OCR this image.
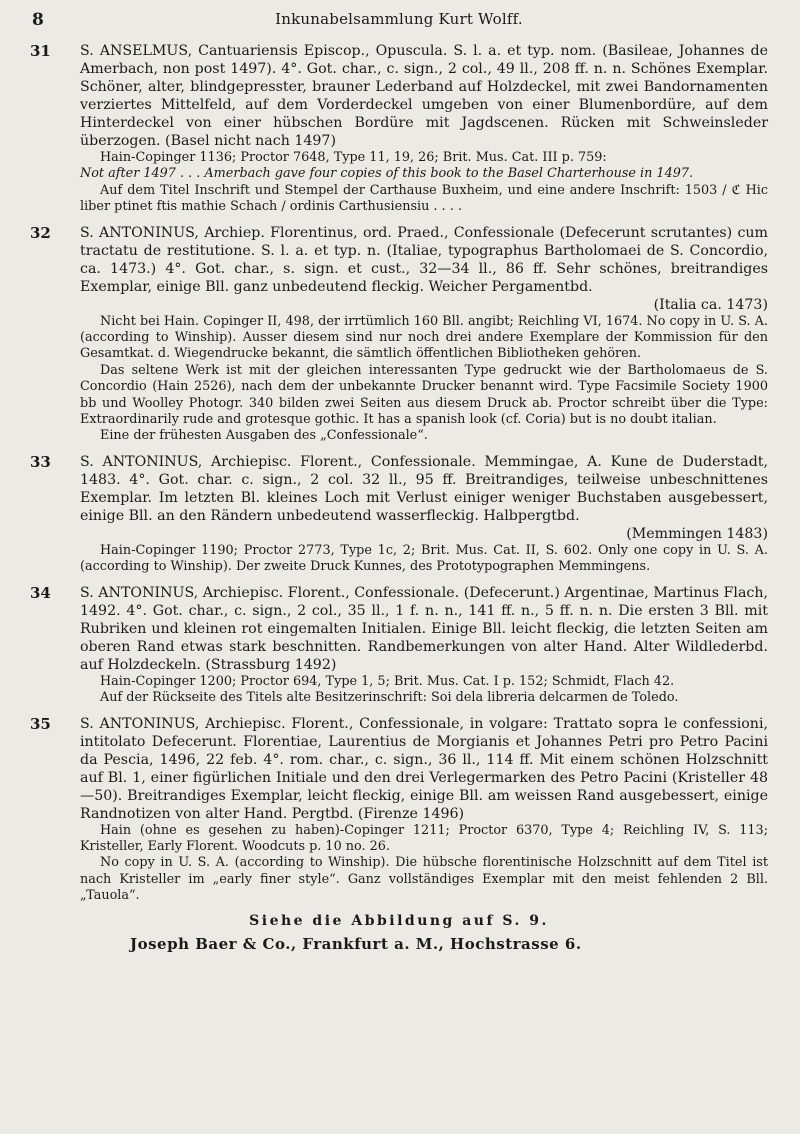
8	Inkunabelsammlung Kurt Wolff.
31 S. ANSELMUS, Cantuariensis Episcop., Opuscula. S. l. a. et typ. nom. (Basileae, Johannes de Amerbach, non post 1497). 4°. Got. char., c. sign., 2 col., 49 ll., 208 ff. n. n. Schönes Exemplar. Schöner, alter, blindgepresster, brauner Lederband auf Holzdeckel, mit zwei Bandornamenten verziertes Mittelfeld, auf dem Vorderdeckel umgeben von einer Blumenbordüre, auf dem Hinterdeckel von einer hübschen Bordüre mit Jagdscenen. Rücken mit Schweinsleder überzogen. (Basel nicht nach 1497)

Hain-Copinger 1136; Proctor 7648, Type 11, 19, 26; Brit. Mus. Cat. III p. 759:

Not after 1497 . . . Amerbach gave four copies of this book to the Basel Charterhouse in 1497.

Auf dem Titel Inschrift und Stempel der Carthause Buxheim, und eine andere Inschrift: 1503 / ℭ Hic liber ptinet ftis mathie Schach / ordinis Carthusiensiu . . . .

32 S. ANTONINUS, Archiep. Florentinus, ord. Praed., Confessionale (Defecerunt scrutantes) cum tractatu de restitutione. S. l. a. et typ. n. (Italiae, typographus Bartholomaei de S. Concordio, ca. 1473.) 4°. Got. char., s. sign. et cust., 32—34 ll., 86 ff. Sehr schönes, breitrandiges Exemplar, einige Bll. ganz unbedeutend fleckig. Weicher Pergamentbd.

(Italia ca. 1473)

Nicht bei Hain. Copinger II, 498, der irrtümlich 160 Bll. angibt; Reichling VI, 1674. No copy in U. S. A. (according to Winship). Ausser diesem sind nur noch drei andere Exemplare der Kommission für den Gesamtkat. d. Wiegendrucke bekannt, die sämtlich öffentlichen Bibliotheken gehören.

Das seltene Werk ist mit der gleichen interessanten Type gedruckt wie der Bartholomaeus de S. Concordio (Hain 2526), nach dem der unbekannte Drucker benannt wird. Type Facsimile Society 1900 bb und Woolley Photogr. 340 bilden zwei Seiten aus diesem Druck ab. Proctor schreibt über die Type: Extraordinarily rude and grotesque gothic. It has a spanish look (cf. Coria) but is no doubt italian.

Eine der frühesten Ausgaben des „Confessionale“.

33 S. ANTONINUS, Archiepisc. Florent., Confessionale. Memmingae, A. Kune de Duderstadt, 1483. 4°. Got. char. c. sign., 2 col. 32 ll., 95 ff. Breitrandiges, teilweise unbeschnittenes Exemplar. Im letzten Bl. kleines Loch mit Verlust einiger weniger Buchstaben ausgebessert, einige Bll. an den Rändern unbedeutend wasserfleckig. Halbpergtbd.

(Memmingen 1483)

Hain-Copinger 1190; Proctor 2773, Type 1c, 2; Brit. Mus. Cat. II, S. 602. Only one copy in U. S. A. (according to Winship). Der zweite Druck Kunnes, des Prototypographen Memmingens.

34 S. ANTONINUS, Archiepisc. Florent., Confessionale. (Defecerunt.) Argentinae, Martinus Flach, 1492. 4°. Got. char., c. sign., 2 col., 35 ll., 1 f. n. n., 141 ff. n., 5 ff. n. n. Die ersten 3 Bll. mit Rubriken und kleinen rot eingemalten Initialen. Einige Bll. leicht fleckig, die letzten Seiten am oberen Rand etwas stark beschnitten. Randbemerkungen von alter Hand. Alter Wildlederbd. auf Holzdeckeln. (Strassburg 1492)

Hain-Copinger 1200; Proctor 694, Type 1, 5; Brit. Mus. Cat. I p. 152; Schmidt, Flach 42.

Auf der Rückseite des Titels alte Besitzerinschrift: Soi dela libreria delcarmen de Toledo.

35 S. ANTONINUS, Archiepisc. Florent., Confessionale, in volgare: Trattato sopra le confessioni, intitolato Defecerunt. Florentiae, Laurentius de Morgianis et Johannes Petri pro Petro Pacini da Pescia, 1496, 22 feb. 4°. rom. char., c. sign., 36 ll., 114 ff. Mit einem schönen Holzschnitt auf Bl. 1, einer figürlichen Initiale und den drei Verlegermarken des Petro Pacini (Kristeller 48—50). Breitrandiges Exemplar, leicht fleckig, einige Bll. am weissen Rand ausgebessert, einige Randnotizen von alter Hand. Pergtbd. (Firenze 1496)

Hain (ohne es gesehen zu haben)-Copinger 1211; Proctor 6370, Type 4; Reichling IV, S. 113; Kristeller, Early Florent. Woodcuts p. 10 no. 26.

No copy in U. S. A. (according to Winship). Die hübsche florentinische Holzschnitt auf dem Titel ist nach Kristeller im „early finer style“. Ganz vollständiges Exemplar mit den meist fehlenden 2 Bll. „Tauola“.

Siehe die Abbildung auf S. 9.
Joseph Baer & Co., Frankfurt a. M., Hochstrasse 6.
